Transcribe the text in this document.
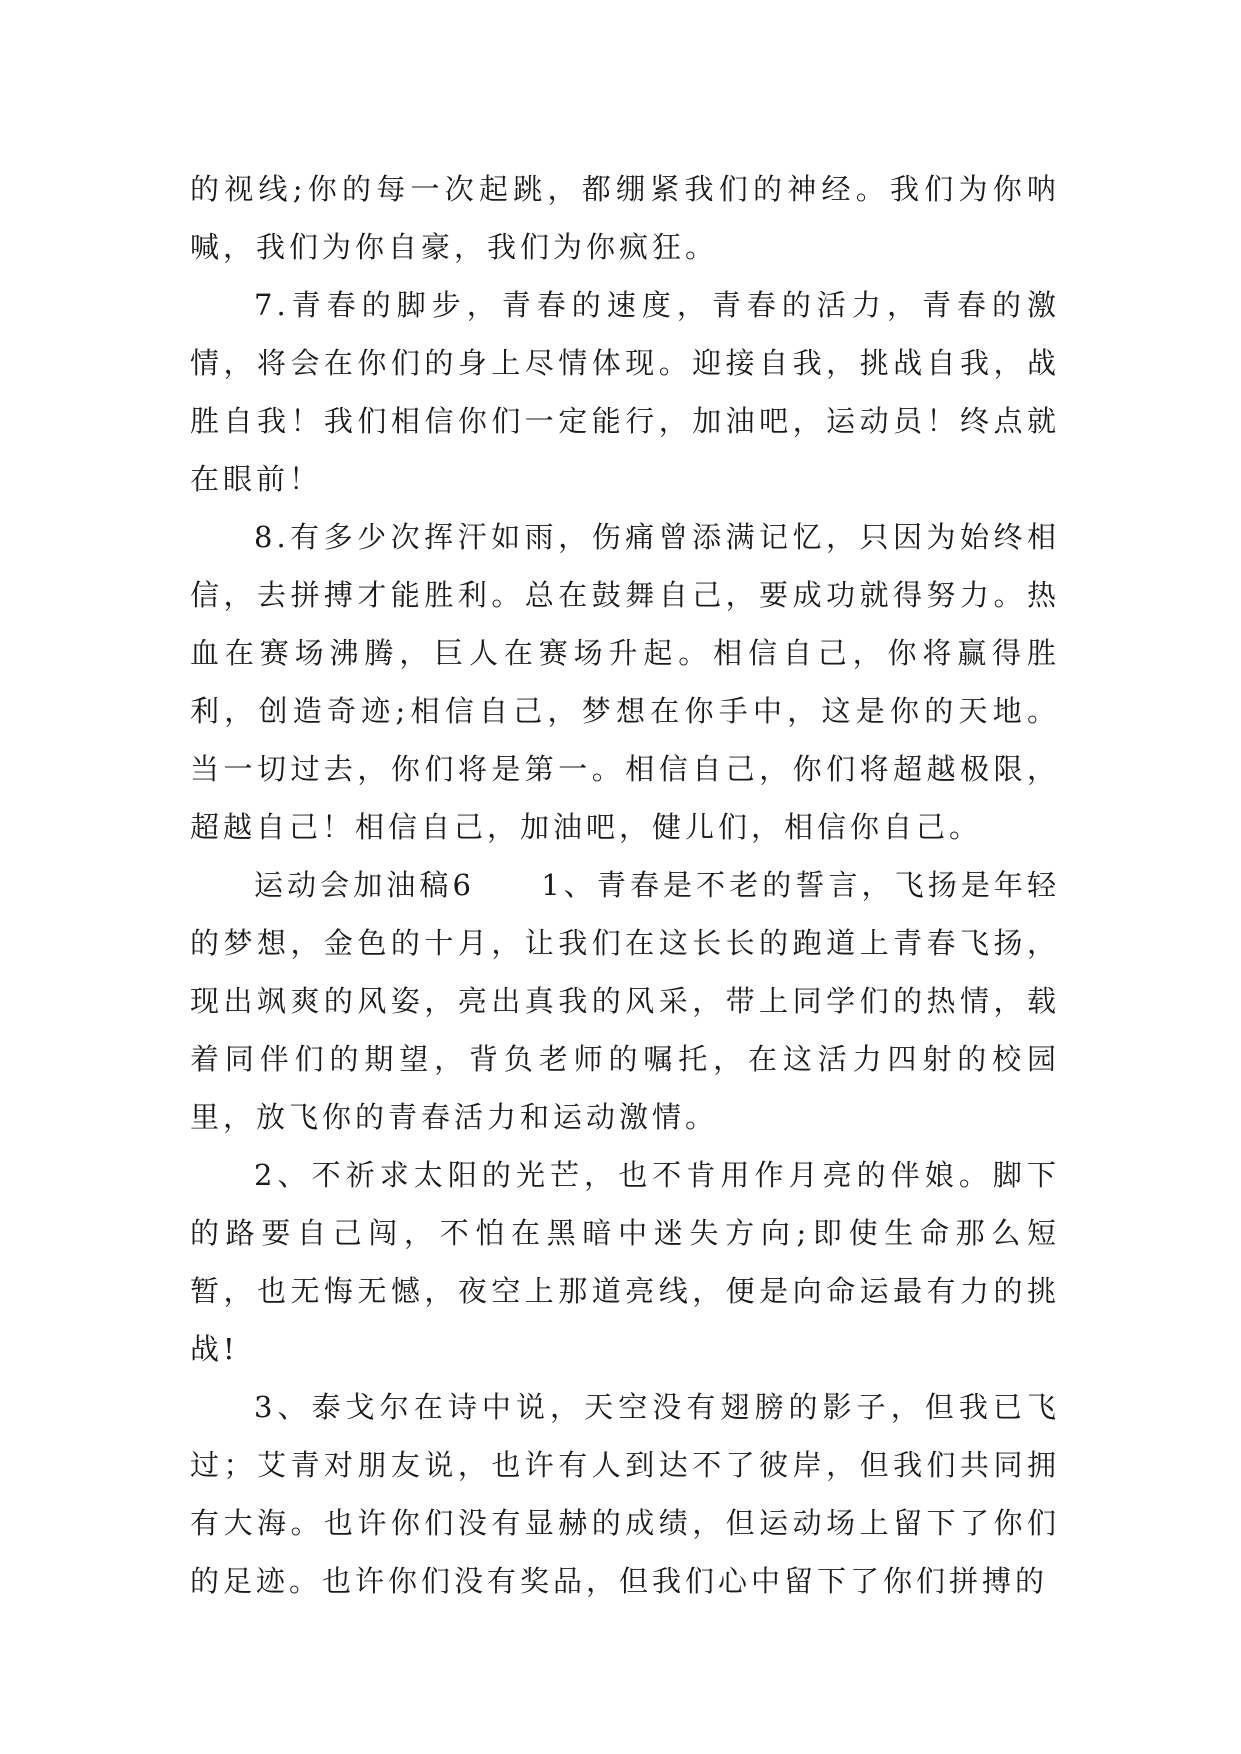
的视线;你的每一次起跳，都绷紧我们的神经。我们为你呐喊，我们为你自豪，我们为你疯狂。

7.青春的脚步，青春的速度，青春的活力，青春的激情，将会在你们的身上尽情体现。迎接自我，挑战自我，战胜自我！我们相信你们一定能行，加油吧，运动员！终点就在眼前！

8.有多少次挥汗如雨，伤痛曾添满记忆，只因为始终相信，去拼搏才能胜利。总在鼓舞自己，要成功就得努力。热血在赛场沸腾，巨人在赛场升起。相信自己，你将赢得胜利，创造奇迹;相信自己，梦想在你手中，这是你的天地。当一切过去，你们将是第一。相信自己，你们将超越极限，超越自己！相信自己，加油吧，健儿们，相信你自己。

运动会加油稿6　　1、青春是不老的誓言，飞扬是年轻的梦想，金色的十月，让我们在这长长的跑道上青春飞扬，现出飒爽的风姿，亮出真我的风采，带上同学们的热情，载着同伴们的期望，背负老师的嘱托，在这活力四射的校园里，放飞你的青春活力和运动激情。

2、不祈求太阳的光芒，也不肯用作月亮的伴娘。脚下的路要自己闯，不怕在黑暗中迷失方向;即使生命那么短暂，也无悔无憾，夜空上那道亮线，便是向命运最有力的挑战!

3、泰戈尔在诗中说，天空没有翅膀的影子，但我已飞过；艾青对朋友说，也许有人到达不了彼岸，但我们共同拥有大海。也许你们没有显赫的成绩，但运动场上留下了你们的足迹。也许你们没有奖品，但我们心中留下了你们拼搏的
